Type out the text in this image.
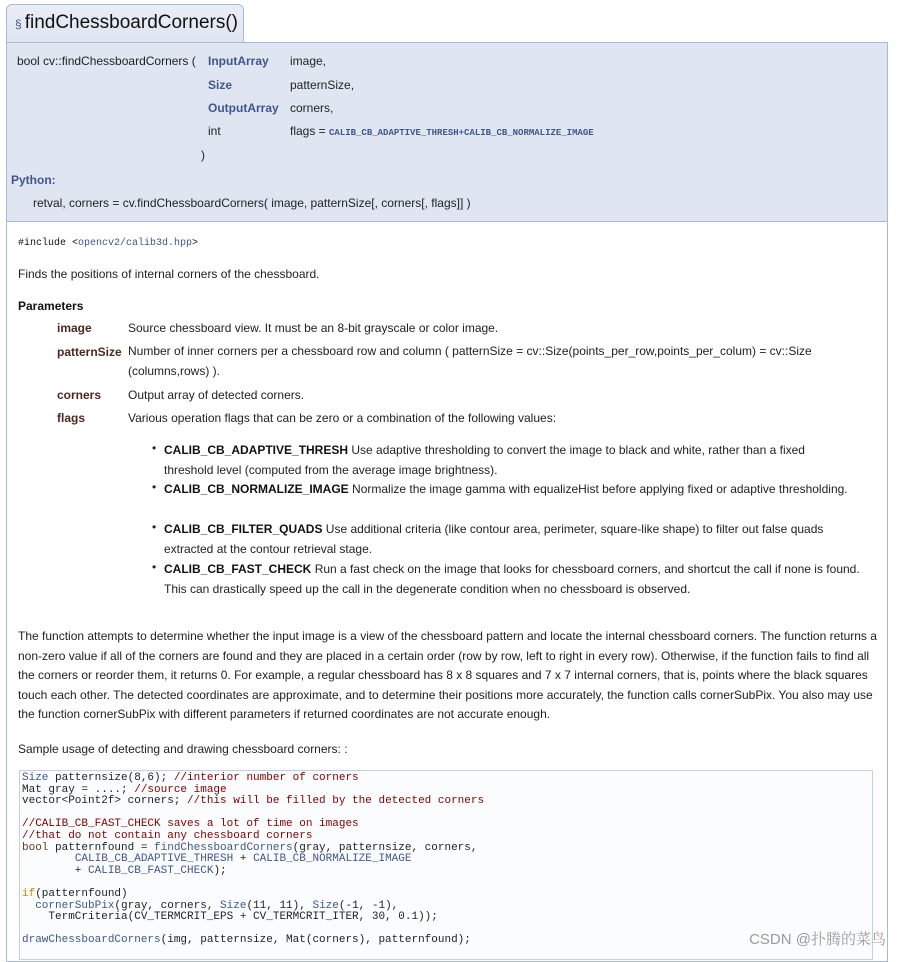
§ findChessboardCorners()
bool cv::findChessboardCorners ( InputArray image,
Size	patternSize,
OutputArray corners,
int	flags = CALIB_CB_ADAPTIVE_THRESH+CALIB_CB_NORMALIZE_IMAGE
)
Python:
retval, corners = cv.findChessboardCorners( image, patternSize[, corners[, flags]] )
#include <opencv2/calib3d.hpp>
Finds the positions of internal corners of the chessboard.
Parameters
image	Source chessboard view. It must be an 8-bit grayscale or color image.
patternSize Number of inner corners per a chessboard row and column ( patternSize = cv::Size(points_per_row,points_per_colum) = cv::Size (columns,rows) ).
corners Output array of detected corners.
flags	Various operation flags that can be zero or a combination of the following values:
• CALIB_CB_ADAPTIVE_THRESH Use adaptive thresholding to convert the image to black and white, rather than a fixed threshold level (computed from the average image brightness).
• CALIB_CB_NORMALIZE_IMAGE Normalize the image gamma with equalizeHist before applying fixed or adaptive thresholding.
• CALIB_CB_FILTER_QUADS Use additional criteria (like contour area, perimeter, square-like shape) to filter out false quads extracted at the contour retrieval stage.
• CALIB_CB_FAST_CHECK Run a fast check on the image that looks for chessboard corners, and shortcut the call if none is found. This can drastically speed up the call in the degenerate condition when no chessboard is observed.
The function attempts to determine whether the input image is a view of the chessboard pattern and locate the internal chessboard corners. The function returns a non-zero value if all of the corners are found and they are placed in a certain order (row by row, left to right in every row). Otherwise, if the function fails to find all the corners or reorder them, it returns 0. For example, a regular chessboard has 8 x 8 squares and 7 x 7 internal corners, that is, points where the black squares touch each other. The detected coordinates are approximate, and to determine their positions more accurately, the function calls cornerSubPix. You also may use the function cornerSubPix with different parameters if returned coordinates are not accurate enough.
Sample usage of detecting and drawing chessboard corners: :
Size patternsize(8,6); //interior number of corners
Mat gray = ....; //source image
vector<Point2f> corners; //this will be filled by the detected corners

//CALIB_CB_FAST_CHECK saves a lot of time on images
//that do not contain any chessboard corners
bool patternfound = findChessboardCorners(gray, patternsize, corners,
CALIB_CB_ADAPTIVE_THRESH + CALIB_CB_NORMALIZE_IMAGE
+ CALIB_CB_FAST_CHECK);

if(patternfound)
cornerSubPix(gray, corners, Size(11, 11), Size(-1, -1),
TermCriteria(CV_TERMCRIT_EPS + CV_TERMCRIT_ITER, 30, 0.1));

drawChessboardCorners(img, patternsize, Mat(corners), patternfound);	CSDN @扑腾的菜鸟
